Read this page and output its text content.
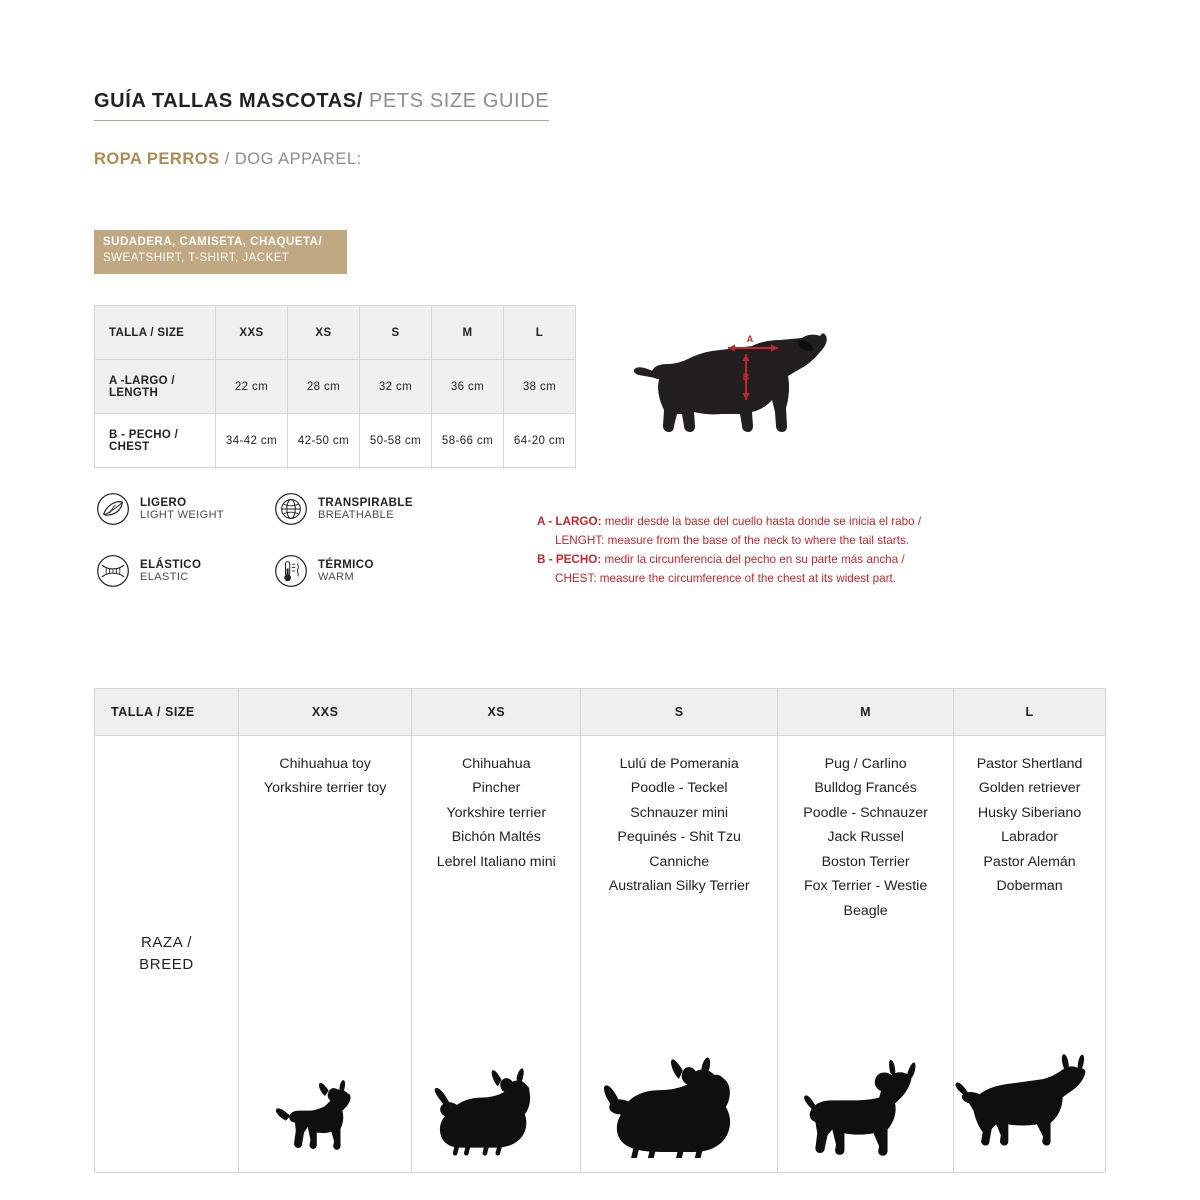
GUÍA TALLAS MASCOTAS/ PETS SIZE GUIDE
ROPA PERROS / DOG APPAREL:
SUDADERA, CAMISETA, CHAQUETA/
SWEATSHIRT, T-SHIRT, JACKET
TALLA / SIZE	XXS	XS	S	M	L
A -LARGO / LENGTH	22 cm	28 cm	32 cm	36 cm	38 cm
B - PECHO / CHEST	34-42 cm	42-50 cm	50-58 cm	58-66 cm	64-20 cm
LIGERO
LIGHT WEIGHT
TRANSPIRABLE
BREATHABLE
ELÁSTICO
ELASTIC
TÉRMICO
WARM
A
B
A - LARGO: medir desde la base del cuello hasta donde se inicia el rabo /
LENGHT: measure from the base of the neck to where the tail starts.
B - PECHO: medir la circunferencia del pecho en su parte más ancha /
CHEST: measure the circumference of the chest at its widest part.
TALLA / SIZE	XXS	XS	S	M	L

RAZA /
BREED

Chihuahua toy
Yorkshire terrier toy

Chihuahua
Pincher
Yorkshire terrier
Bichón Maltés
Lebrel Italiano mini

Lulú de Pomerania
Poodle - Teckel
Schnauzer mini
Pequinés - Shit Tzu
Canniche
Australian Silky Terrier

Pug / Carlino
Bulldog Francés
Poodle - Schnauzer
Jack Russel
Boston Terrier
Fox Terrier - Westie
Beagle

Pastor Shertland
Golden retriever
Husky Siberiano
Labrador
Pastor Alemán
Doberman
